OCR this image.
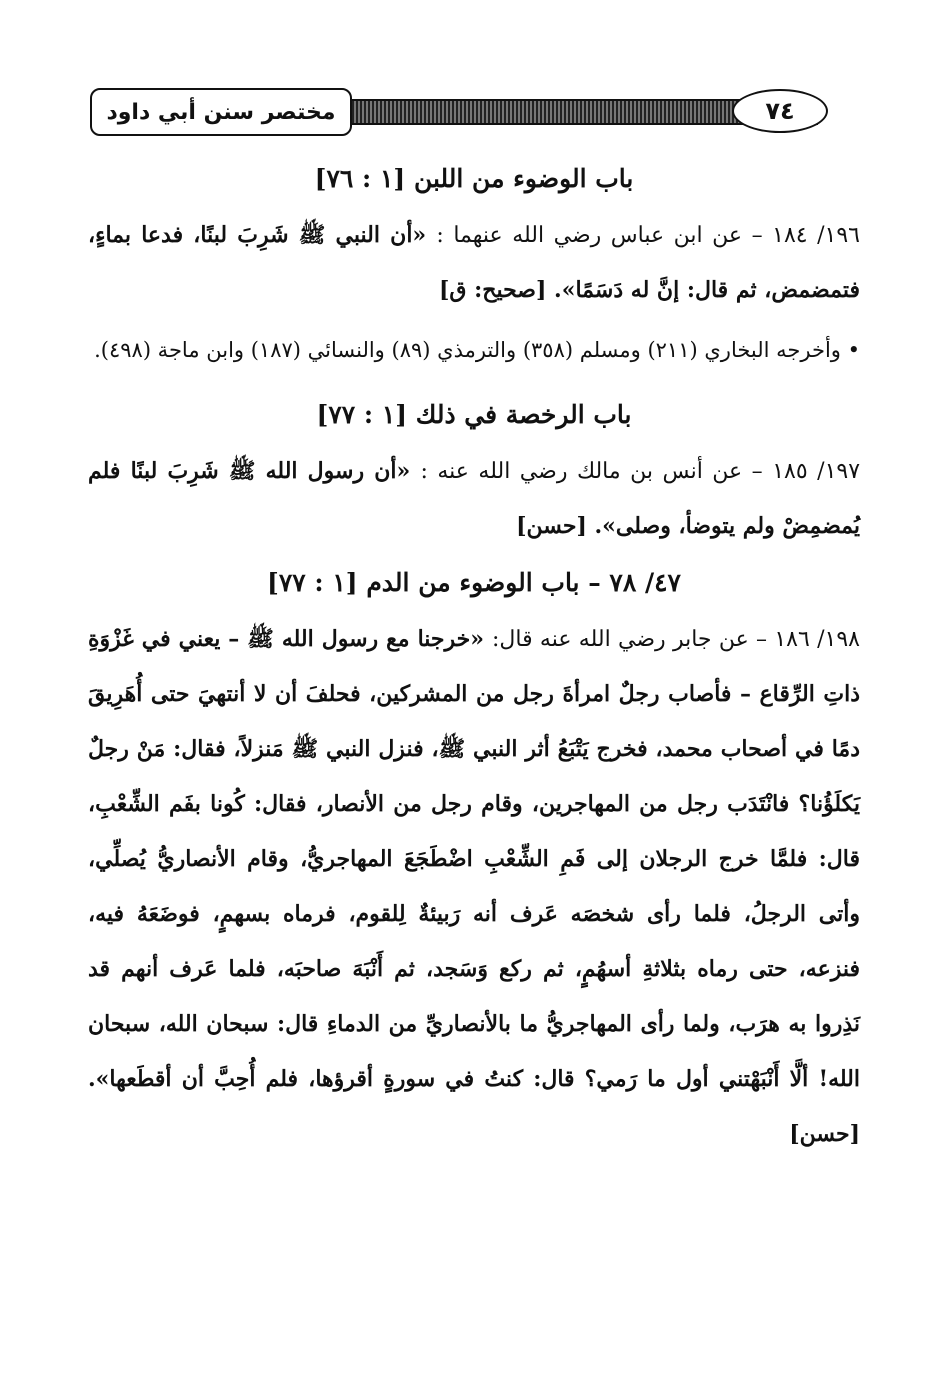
مختصر سنن أبي داود	٧٤
باب الوضوء من اللبن [١ : ٧٦]

١٩٦/ ١٨٤ – عن ابن عباس رضي الله عنهما : «أن النبي ﷺ شَرِبَ لبنًا، فدعا بماءٍ، فتمضمض، ثم قال: إنَّ له دَسَمًا». [صحيح: ق]

• وأخرجه البخاري (٢١١) ومسلم (٣٥٨) والترمذي (٨٩) والنسائي (١٨٧) وابن ماجة (٤٩٨).

باب الرخصة في ذلك [١ : ٧٧]

١٩٧/ ١٨٥ – عن أنس بن مالك رضي الله عنه : «أن رسول الله ﷺ شَرِبَ لبنًا فلم يُمضمِضْ ولم يتوضأ، وصلى». [حسن]

٤٧/ ٧٨ – باب الوضوء من الدم [١ : ٧٧]

١٩٨/ ١٨٦ – عن جابر رضي الله عنه قال: «خرجنا مع رسول الله ﷺ – يعني في غَزْوَةِ ذاتِ الرِّقاع – فأصاب رجلٌ امرأةَ رجل من المشركين، فحلفَ أن لا أنتهيَ حتى أُهَرِيقَ دمًا في أصحاب محمد، فخرج يَتْبَعُ أثر النبي ﷺ، فنزل النبي ﷺ مَنزلاً، فقال: مَنْ رجلٌ يَكلَؤُنا؟ فانْتَدَب رجل من المهاجرين، وقام رجل من الأنصار، فقال: كُونا بفَم الشِّعْبِ، قال: فلمَّا خرج الرجلان إلى فَمِ الشِّعْبِ اضْطَجَعَ المهاجريُّ، وقام الأنصاريُّ يُصلِّي، وأتى الرجلُ، فلما رأى شخصَه عَرف أنه رَبيئةٌ لِلقوم، فرماه بسهمٍ، فوضَعَهُ فيه، فنزعه، حتى رماه بثلاثةِ أسهُمٍ، ثم ركع وَسَجد، ثم أَنْبَهَ صاحبَه، فلما عَرف أنهم قد نَذِروا به هرَب، ولما رأى المهاجريُّ ما بالأنصاريِّ من الدماءِ قال: سبحان الله، سبحان الله! ألَّا أَنْبَهْتني أول ما رَمي؟ قال: كنتُ في سورةٍ أقرؤها، فلم أُحِبَّ أن أقطَعها». [حسن]
